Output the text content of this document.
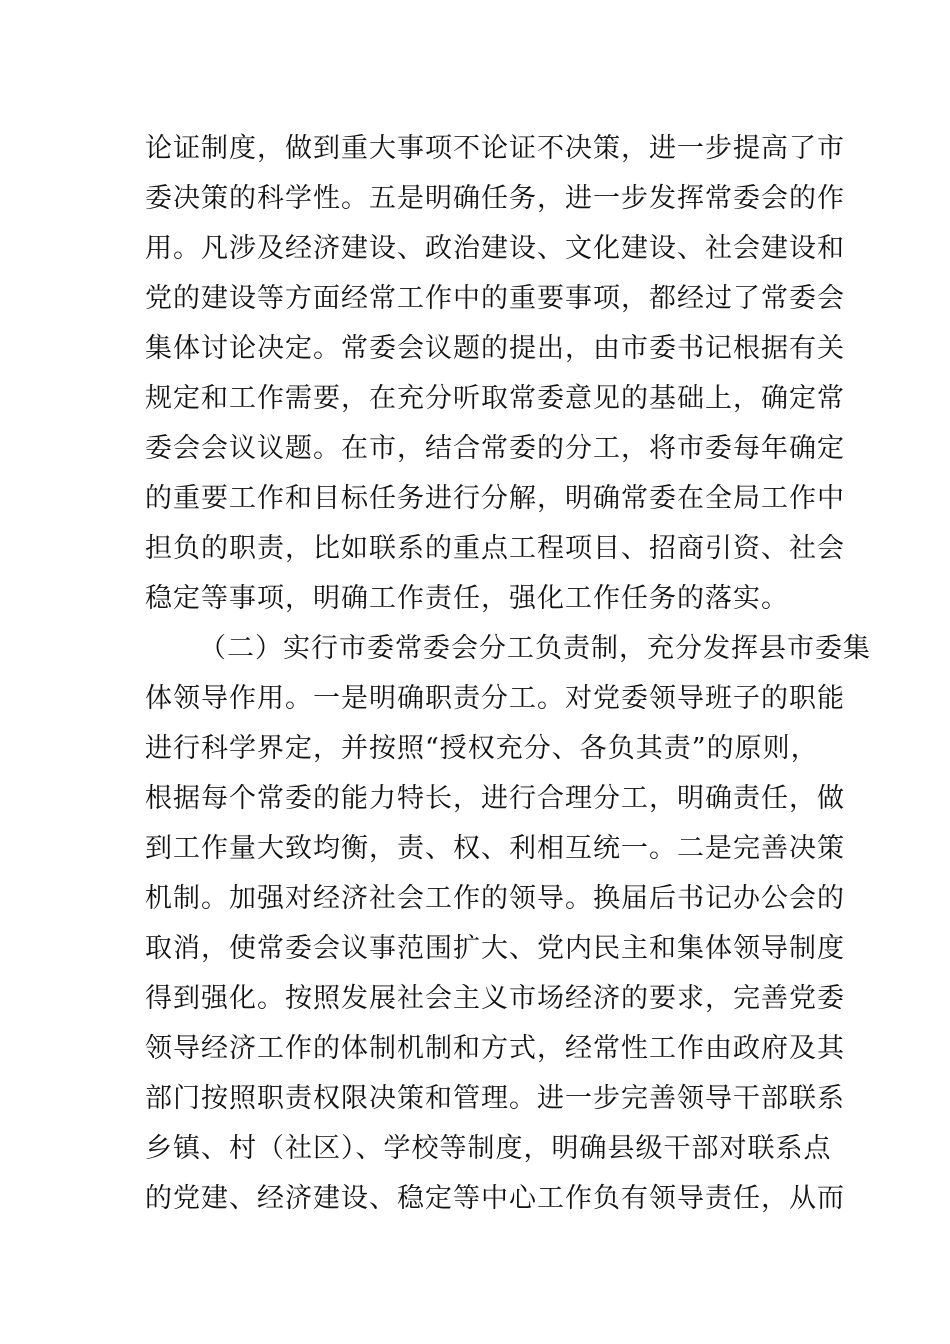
论证制度，做到重大事项不论证不决策，进一步提高了市
委决策的科学性。五是明确任务，进一步发挥常委会的作
用。凡涉及经济建设、政治建设、文化建设、社会建设和
党的建设等方面经常工作中的重要事项，都经过了常委会
集体讨论决定。常委会议题的提出，由市委书记根据有关
规定和工作需要，在充分听取常委意见的基础上，确定常
委会会议议题。在市，结合常委的分工，将市委每年确定
的重要工作和目标任务进行分解，明确常委在全局工作中
担负的职责，比如联系的重点工程项目、招商引资、社会
稳定等事项，明确工作责任，强化工作任务的落实。
（二）实行市委常委会分工负责制，充分发挥县市委集
体领导作用。一是明确职责分工。对党委领导班子的职能
进行科学界定，并按照“授权充分、各负其责”的原则，
根据每个常委的能力特长，进行合理分工，明确责任，做
到工作量大致均衡，责、权、利相互统一。二是完善决策
机制。加强对经济社会工作的领导。换届后书记办公会的
取消，使常委会议事范围扩大、党内民主和集体领导制度
得到强化。按照发展社会主义市场经济的要求，完善党委
领导经济工作的体制机制和方式，经常性工作由政府及其
部门按照职责权限决策和管理。进一步完善领导干部联系
乡镇、村（社区）、学校等制度，明确县级干部对联系点
的党建、经济建设、稳定等中心工作负有领导责任，从而
